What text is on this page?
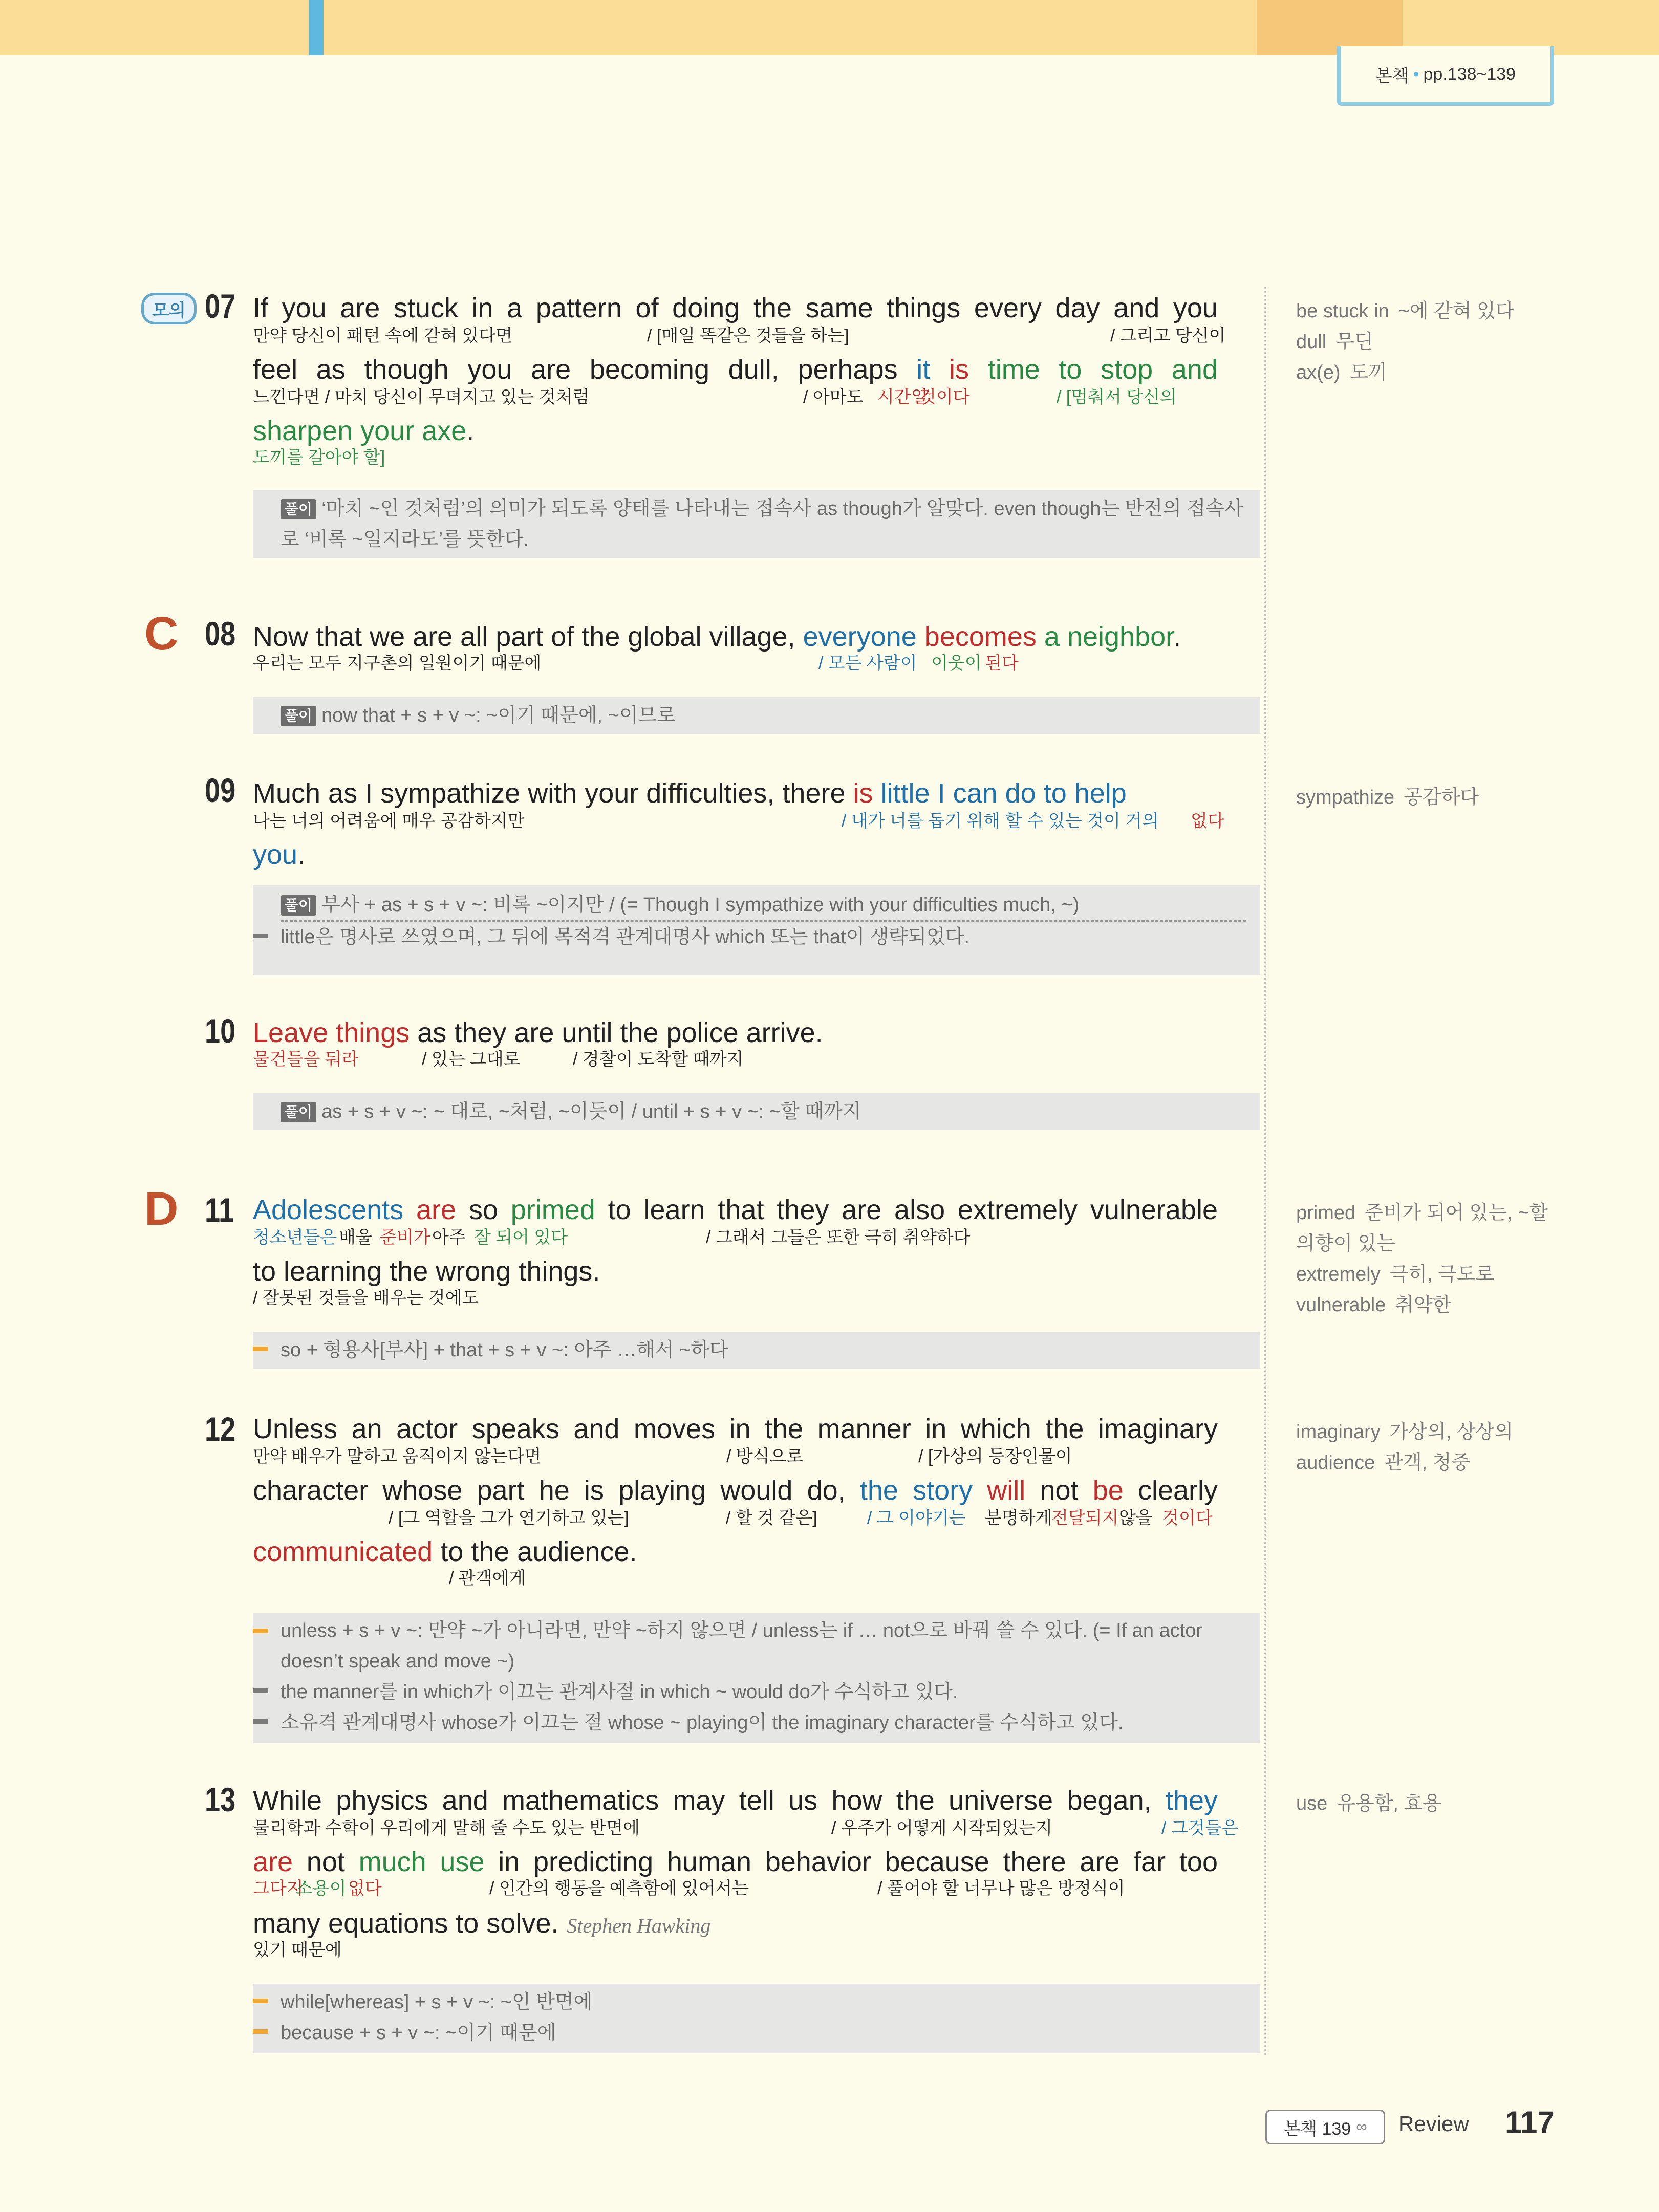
본책 • pp.138~139
모의 07 If you are stuck in a pattern of doing the same things every day and you
만약 당신이 패턴 속에 갇혀 있다면	/ [매일 똑같은 것들을 하는]	/ 그리고 당신이
feel as though you are becoming dull, perhaps it is time to stop and
느낀다면 / 마치 당신이 무뎌지고 있는 것처럼	/ 아마도 시간일
것이다	/ [멈춰서 당신의
sharpen your axe.
도끼를 갈아야 할]
풀이 ‘마치 ~인 것처럼’의 의미가 되도록 양태를 나타내는 접속사 as though가 알맞다. even though는 반전의 접속사로 ‘비록 ~일지라도’를 뜻한다.
C 08 Now that we are all part of the global village, everyone becomes a neighbor.
우리는 모두 지구촌의 일원이기 때문에	/ 모든 사람이 이웃이 된다
풀이 now that + s + v ~: ~이기 때문에, ~이므로
09 Much as I sympathize with your difficulties, there is little I can do to help
나는 너의 어려움에 매우 공감하지만	/ 내가 너를 돕기 위해 할 수 있는 것이 거의 없다
you.
풀이 부사 + as + s + v ~: 비록 ~이지만 / (= Though I sympathize with your difficulties much, ~)
little은 명사로 쓰였으며, 그 뒤에 목적격 관계대명사 which 또는 that이 생략되었다.
10 Leave things as they are until the police arrive.
물건들을 둬라	/ 있는 그대로	/ 경찰이 도착할 때까지
풀이 as + s + v ~: ~ 대로, ~처럼, ~이듯이 / until + s + v ~: ~할 때까지
D 11 Adolescents are so primed to learn that they are also extremely vulnerable
청소년들은 배울 준비가 아주 잘 되어 있다	/ 그래서 그들은 또한 극히 취약하다
to learning the wrong things.
/ 잘못된 것들을 배우는 것에도
so + 형용사[부사] + that + s + v ~: 아주 …해서 ~하다
12 Unless an actor speaks and moves in the manner in which the imaginary
만약 배우가 말하고 움직이지 않는다면	/ 방식으로	/ [가상의 등장인물이
character whose part he is playing would do, the story will not be clearly
/ [그 역할을 그가 연기하고 있는]	/ 할 것 같은]	/ 그 이야기는 분명하게
전달되지 않을 것이다
communicated to the audience.
/ 관객에게
unless + s + v ~: 만약 ~가 아니라면, 만약 ~하지 않으면 / unless는 if … not으로 바꿔 쓸 수 있다. (= If an actor doesn’t speak and move ~)
the manner를 in which가 이끄는 관계사절 in which ~ would do가 수식하고 있다.
소유격 관계대명사 whose가 이끄는 절 whose ~ playing이 the imaginary character를 수식하고 있다.
13 While physics and mathematics may tell us how the universe began, they
물리학과 수학이 우리에게 말해 줄 수도 있는 반면에	/ 우주가 어떻게 시작되었는지	/ 그것들은
are not much use in predicting human behavior because there are far too
그다지
소용이 없다	/ 인간의 행동을 예측함에 있어서는	/ 풀어야 할 너무나 많은 방정식이
many equations to solve. Stephen Hawking
있기 때문에
while[whereas] + s + v ~: ~인 반면에
because + s + v ~: ~이기 때문에
be stuck in ~에 갇혀 있다
dull 무딘
ax(e) 도끼
sympathize 공감하다
primed 준비가 되어 있는, ~할
의향이 있는
extremely 극히, 극도로
vulnerable 취약한
imaginary 가상의, 상상의
audience 관객, 청중
use 유용함, 효용
본책 139 ∞ Review 117
